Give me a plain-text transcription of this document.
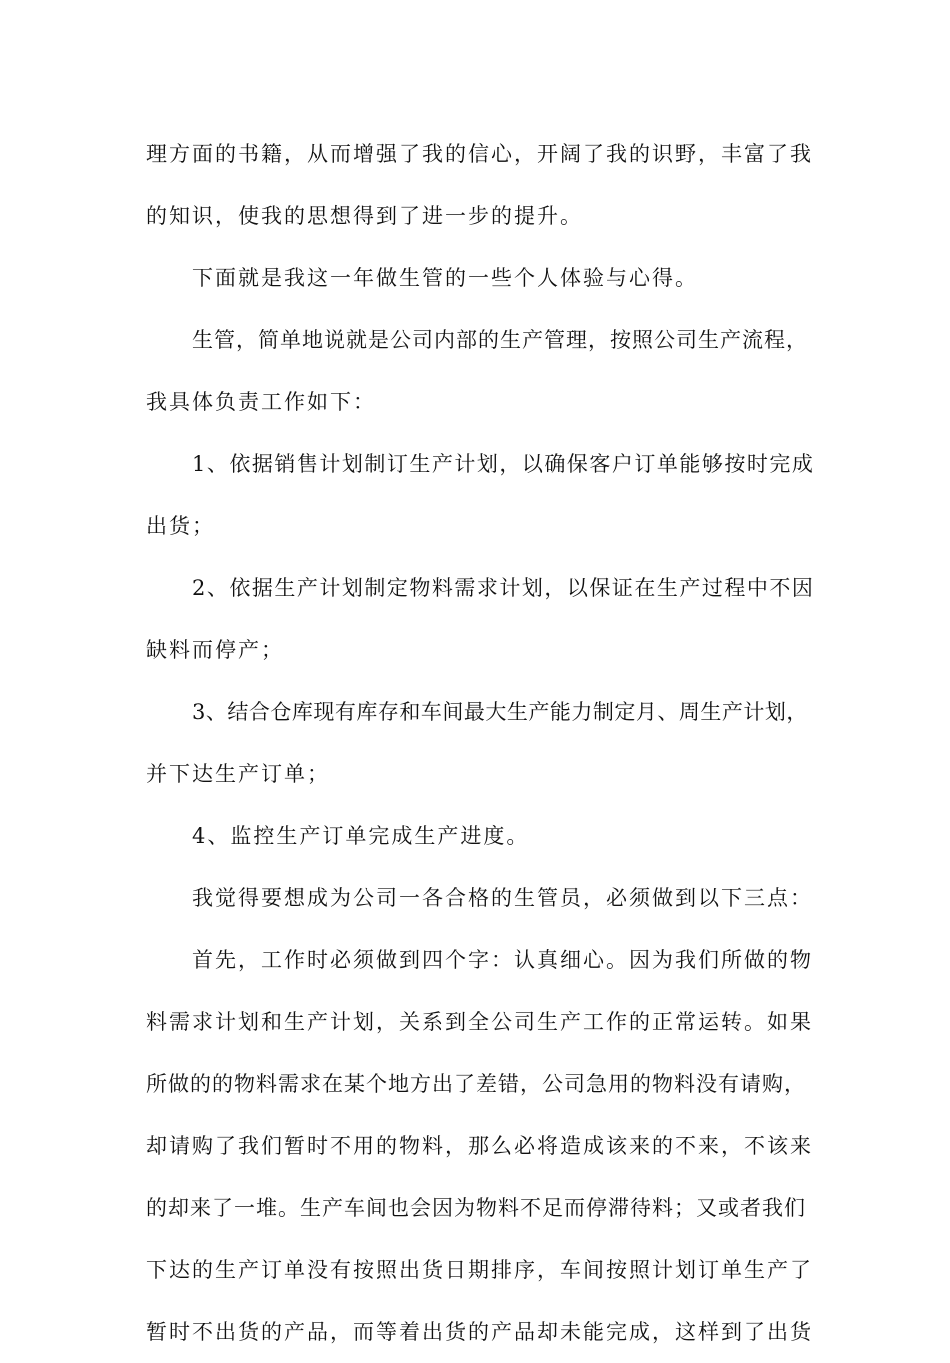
理方面的书籍，从而增强了我的信心，开阔了我的识野，丰富了我
的知识，使我的思想得到了进一步的提升。
下面就是我这一年做生管的一些个人体验与心得。
生管，简单地说就是公司内部的生产管理，按照公司生产流程，
我具体负责工作如下：
1、依据销售计划制订生产计划，以确保客户订单能够按时完成
出货；
2、依据生产计划制定物料需求计划，以保证在生产过程中不因
缺料而停产；
3、结合仓库现有库存和车间最大生产能力制定月、周生产计划，
并下达生产订单；
4、监控生产订单完成生产进度。
我觉得要想成为公司一各合格的生管员，必须做到以下三点：
首先，工作时必须做到四个字：认真细心。因为我们所做的物
料需求计划和生产计划，关系到全公司生产工作的正常运转。如果
所做的的物料需求在某个地方出了差错，公司急用的物料没有请购，
却请购了我们暂时不用的物料，那么必将造成该来的不来，不该来
的却来了一堆。生产车间也会因为物料不足而停滞待料；又或者我们
下达的生产订单没有按照出货日期排序，车间按照计划订单生产了
暂时不出货的产品，而等着出货的产品却未能完成，这样到了出货
